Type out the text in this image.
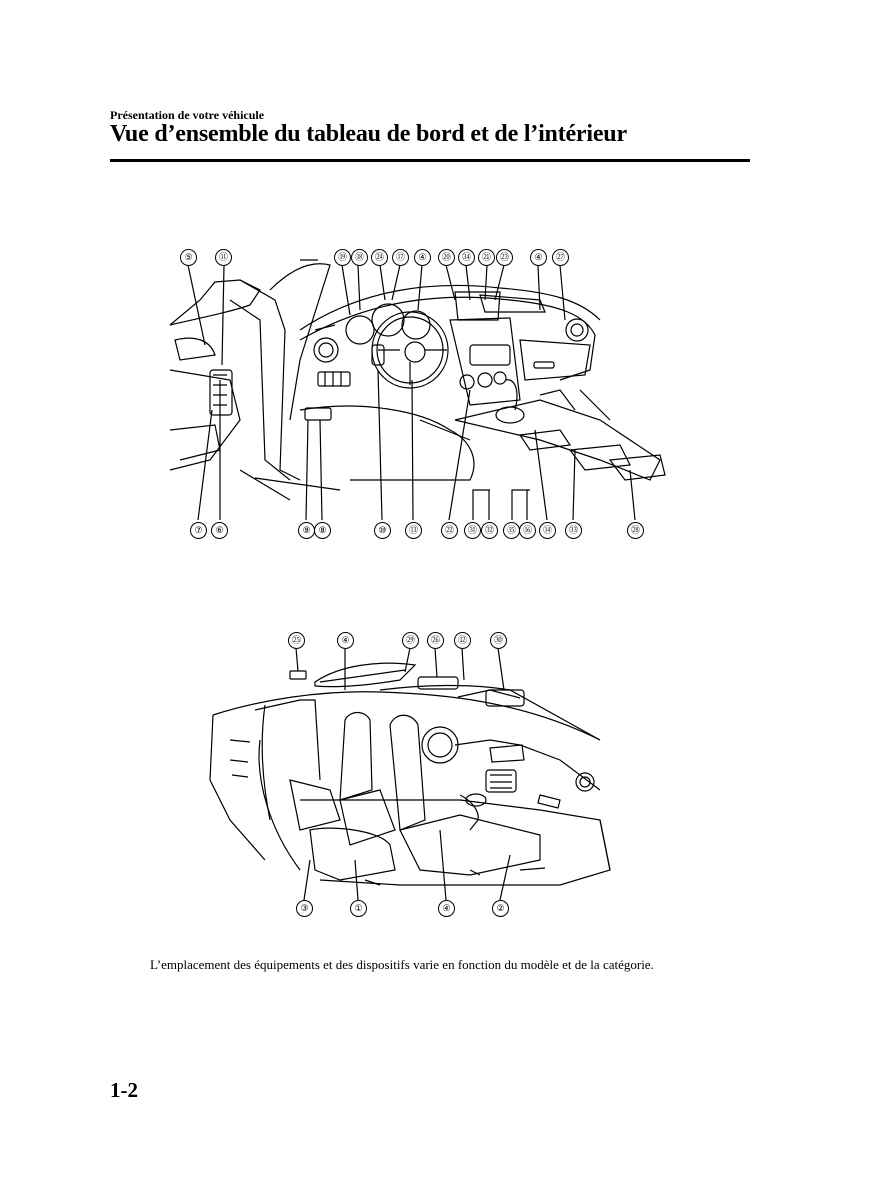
Présentation de votre véhicule
Vue d’ensemble du tableau de bord et de l’intérieur
⑤	⑪	⑲ ⑱	㉔	⑰	④	⑳	㉞	㉑ ㉓	④	㉗
⑦	⑥	⑨ ⑧	⑩	⑬	㉒	㉛ ㉜	⑮ ⑯	⑭	㉝	㉘
㉕	④	㉙	㉖	⑫	㉚
③	①	④	②
L’emplacement des équipements et des dispositifs varie en fonction du modèle et de la catégorie.
1-2
